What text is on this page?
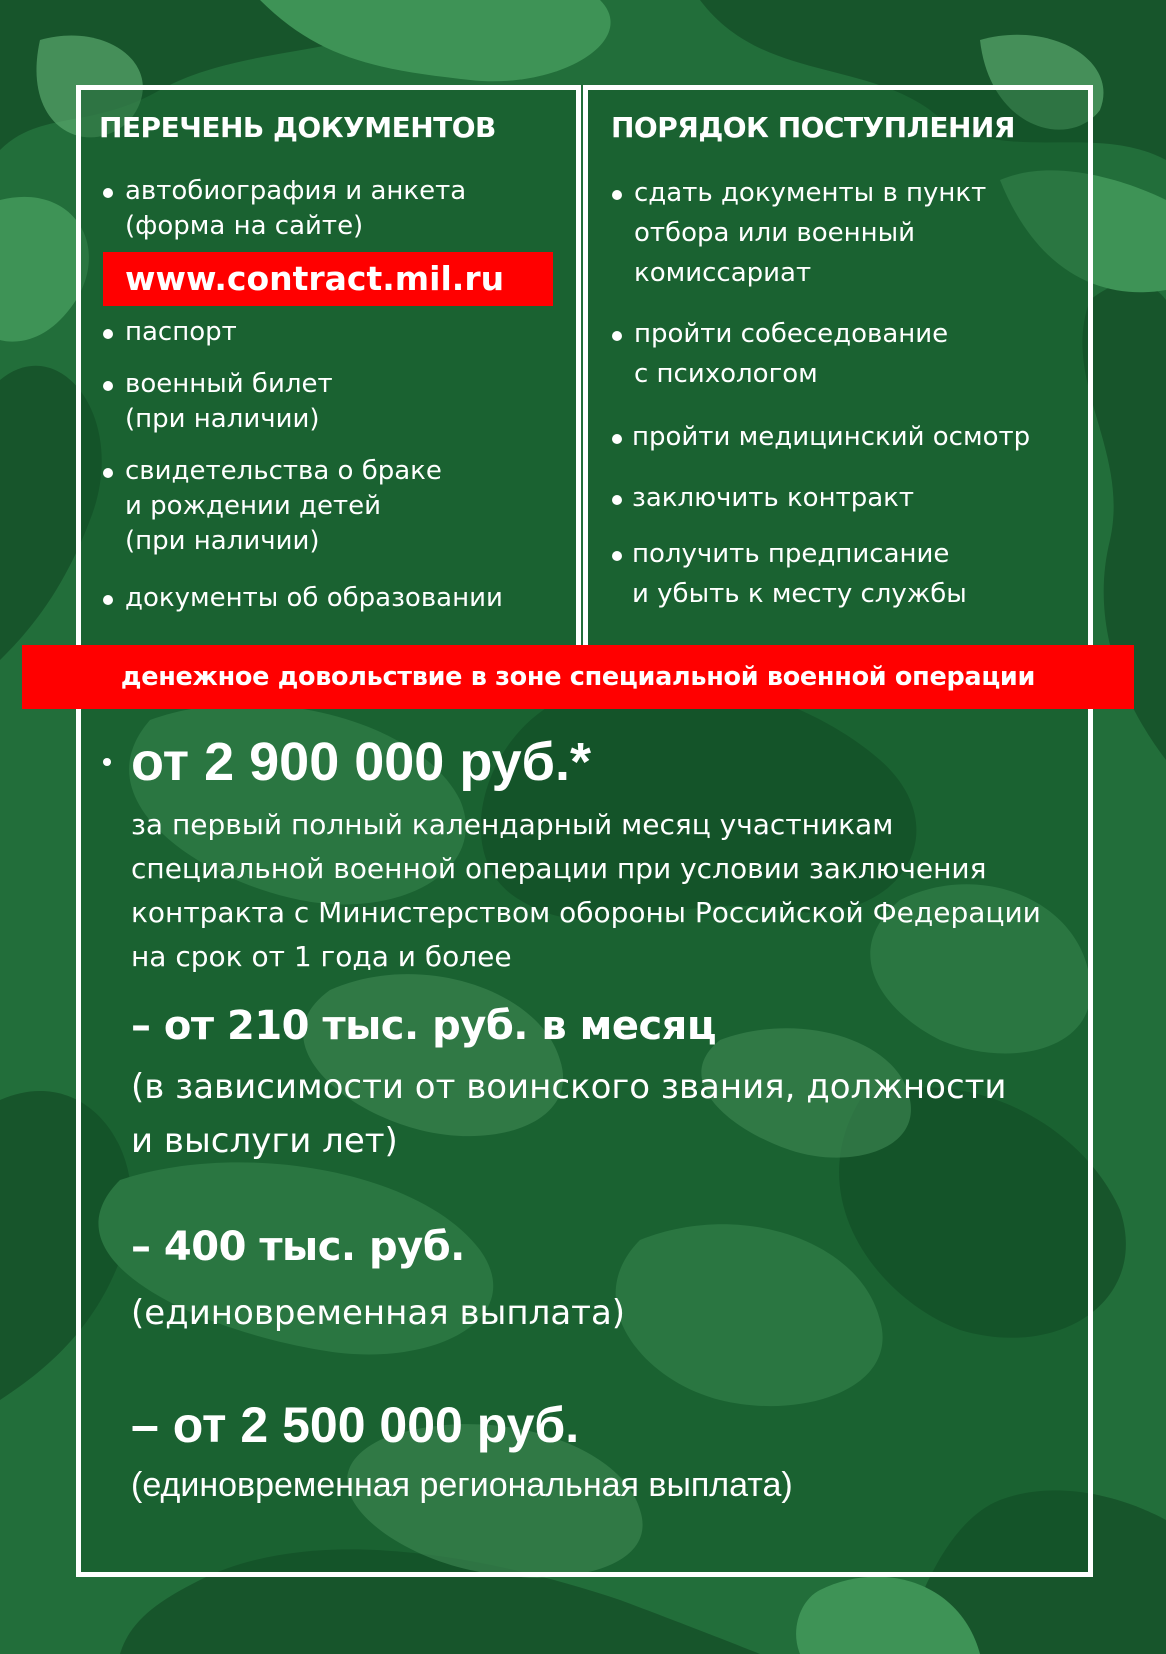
ПЕРЕЧЕНЬ ДОКУМЕНТОВ
автобиография и анкета
(форма на сайте)
www.contract.mil.ru
паспорт
военный билет
(при наличии)
свидетельства о браке
и рождении детей
(при наличии)
документы об образовании
ПОРЯДОК ПОСТУПЛЕНИЯ
сдать документы в пункт
отбора или военный
комиссариат
пройти собеседование
с психологом
пройти медицинский осмотр
заключить контракт
получить предписание
и убыть к месту службы
денежное довольствие в зоне специальной военной операции
от 2 900 000 руб.*
за первый полный календарный месяц участникам
специальной военной операции при условии заключения
контракта с Министерством обороны Российской Федерации
на срок от 1 года и более
– от 210 тыс. руб. в месяц
(в зависимости от воинского звания, должности
и выслуги лет)
– 400 тыс. руб.
(единовременная выплата)
– от 2 500 000 руб.
(единовременная региональная выплата)
